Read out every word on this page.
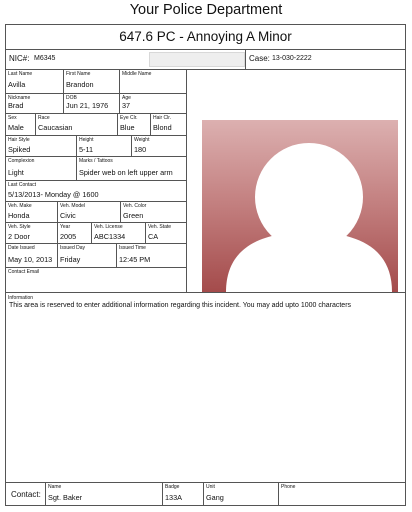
Your Police Department
647.6 PC - Annoying A Minor
NIC#: M6345	Case: 13-030-2222
Last Name
Avilla
First Name
Brandon
Middle Name
Nickname
Brad
DOB
Jun 21, 1976
Age
37
Sex
Male
Race
Caucasian
Eye Clr.
Blue
Hair Clr.
Blond
Hair Style
Spiked
Height
5-11
Weight
180
Complexion
Light
Marks / Tattoos
Spider web on left upper arm
Last Contact
5/13/2013- Monday @ 1600
Veh. Make
Honda
Veh. Model
Civic
Veh. Color
Green
Veh. Style
2 Door
Year
2005
Veh. License
ABC1334
Veh. State
CA
Date Issued
May 10, 2013
Issued Day
Friday
Issued Time
12:45 PM
Contact Email
Information
This area is reserved to enter additional information regarding this incident. You may add upto 1000 characters
Contact:
Name
Sgt. Baker
Badge
133A
Unit
Gang
Phone
